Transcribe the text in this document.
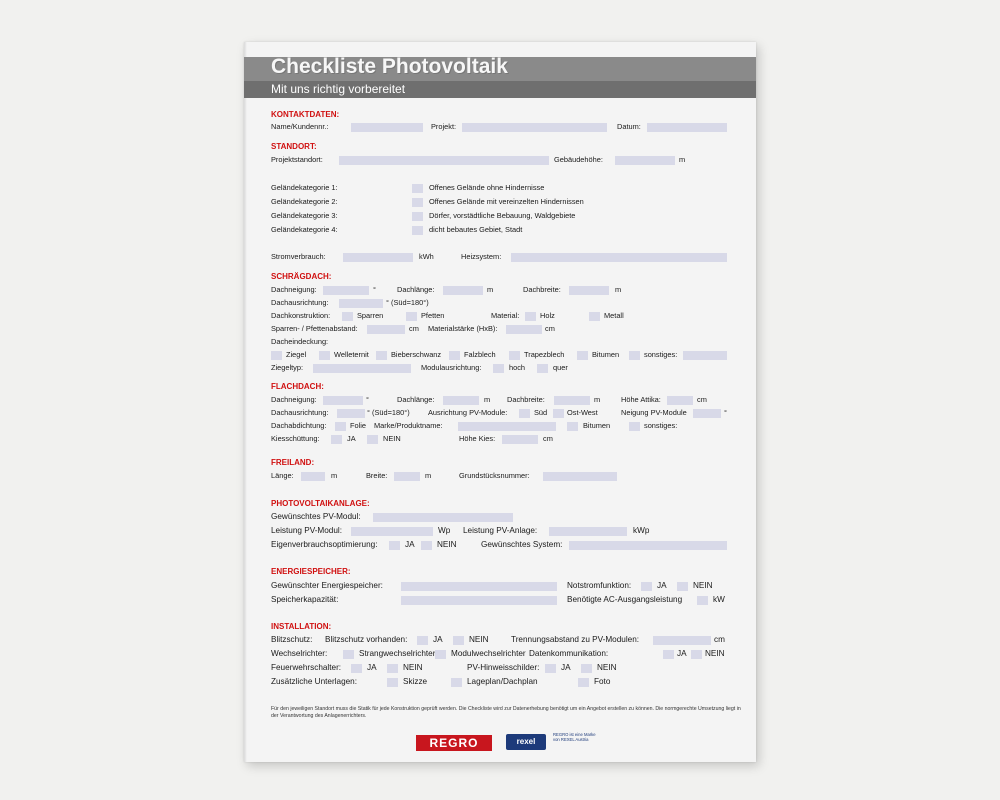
Checkliste Photovoltaik
Mit uns richtig vorbereitet
KONTAKTDATEN:
Name/Kundennr.:	Projekt:	Datum:
STANDORT:
Projektstandort:	Gebäudehöhe:	m
Geländekategorie 1:	Offenes Gelände ohne Hindernisse
Geländekategorie 2:	Offenes Gelände mit vereinzelten Hindernissen
Geländekategorie 3:	Dörfer, vorstädtliche Bebauung, Waldgebiete
Geländekategorie 4:	dicht bebautes Gebiet, Stadt
Stromverbrauch:	kWh	Heizsystem:
SCHRÄGDACH:
Dachneigung:	°	Dachlänge:	m	Dachbreite:	m
Dachausrichtung:	° (Süd=180°)
Dachkonstruktion:	Sparren	Pfetten	Material:	Holz	Metall
Sparren- / Pfettenabstand:	cm Materialstärke (HxB):	cm
Dacheindeckung:
Ziegel	Welleternit	Bieberschwanz	Falzblech	Trapezblech	Bitumen	sonstiges:
Ziegeltyp:	Modulausrichtung:	hoch	quer
FLACHDACH:
Dachneigung:	°	Dachlänge:	m Dachbreite:	m	Höhe Attika:	cm
Dachausrichtung:	° (Süd=180°) Ausrichtung PV-Module:	Süd	Ost-West	Neigung PV-Module	°
Dachabdichtung:	Folie Marke/Produktname:	Bitumen	sonstiges:
Kiesschüttung:	JA	NEIN	Höhe Kies:	cm
FREILAND:
Länge:	m	Breite:	m	Grundstücksnummer:
PHOTOVOLTAIKANLAGE:
Gewünschtes PV-Modul:
Leistung PV-Modul:	Wp Leistung PV-Anlage:	kWp
Eigenverbrauchsoptimierung:	JA	NEIN	Gewünschtes System:
ENERGIESPEICHER:
Gewünschter Energiespeicher:	Notstromfunktion:	JA	NEIN
Speicherkapazität:	Benötigte AC-Ausgangsleistung	kW
INSTALLATION:
Blitzschutz: Blitzschutz vorhanden:	JA	NEIN	Trennungsabstand zu PV-Modulen:	cm
Wechselrichter:	Strangwechselrichter Modulwechselrichter Datenkommunikation:	JA NEIN
Feuerwehrschalter:	JA	NEIN	PV-Hinweisschilder:	JA	NEIN
Zusätzliche Unterlagen:	Skizze	Lageplan/Dachplan	Foto
Für den jeweiligen Standort muss die Statik für jede Konstruktion geprüft werden. Die Checkliste wird zur Datenerhebung benötigt um ein Angebot erstellen zu können. Die normgerechte Umsetzung liegt in der Verantwortung des Anlagenerrichters.
REGRO	rexel
REGRO ist eine Marke von REXEL Austria
